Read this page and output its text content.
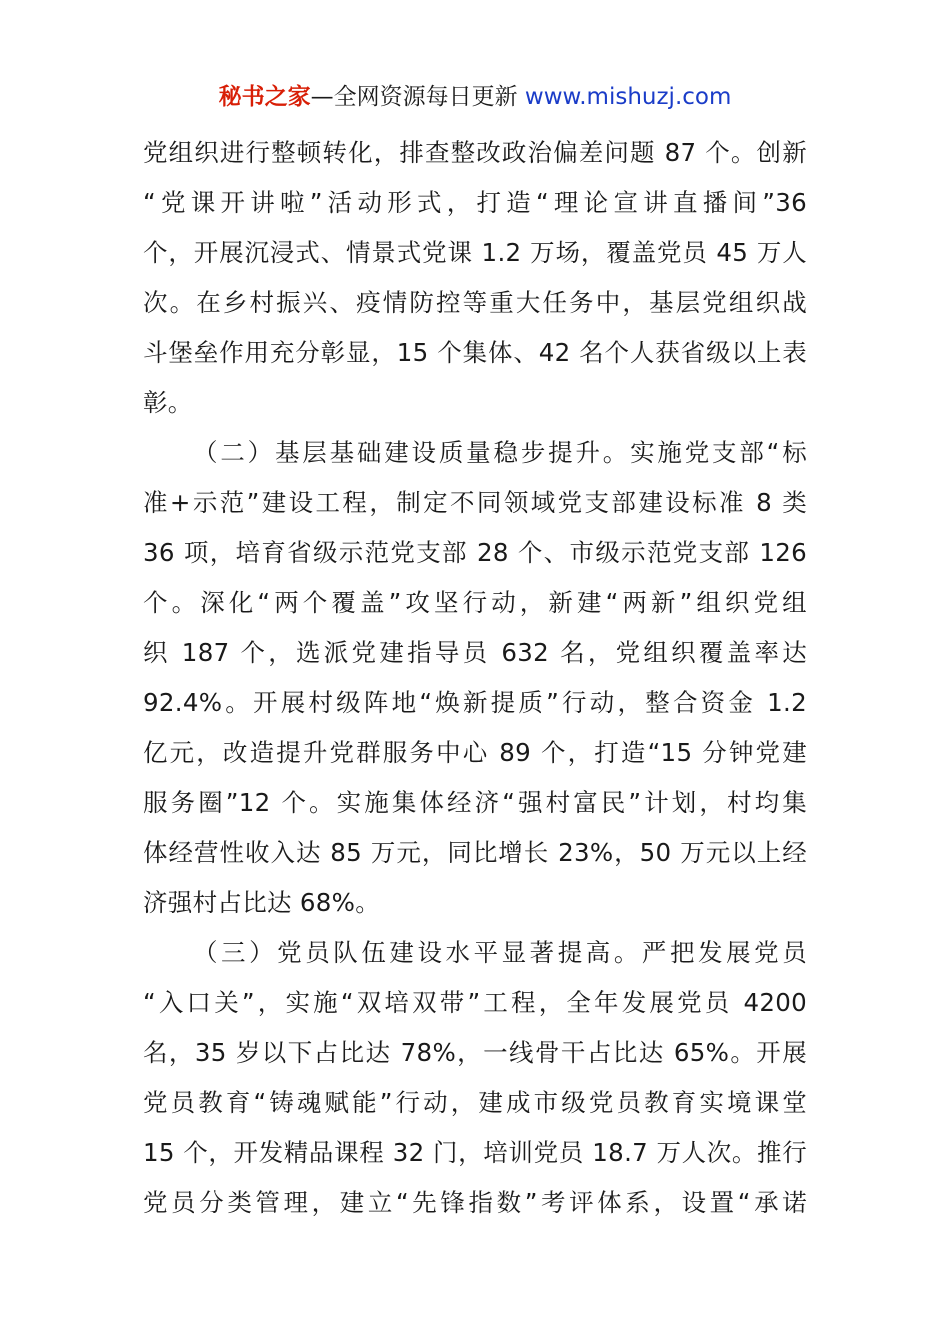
秘书之家—全网资源每日更新 www.mishuzj.com
党组织进行整顿转化，排查整改政治偏差问题 87 个。创新
“党课开讲啦”活动形式，打造“理论宣讲直播间”36
个，开展沉浸式、情景式党课 1.2 万场，覆盖党员 45 万人
次。在乡村振兴、疫情防控等重大任务中，基层党组织战
斗堡垒作用充分彰显，15 个集体、42 名个人获省级以上表
彰。
（二）基层基础建设质量稳步提升。实施党支部“标
准+示范”建设工程，制定不同领域党支部建设标准 8 类
36 项，培育省级示范党支部 28 个、市级示范党支部 126
个。深化“两个覆盖”攻坚行动，新建“两新”组织党组
织 187 个，选派党建指导员 632 名，党组织覆盖率达
92.4%。开展村级阵地“焕新提质”行动，整合资金 1.2
亿元，改造提升党群服务中心 89 个，打造“15 分钟党建
服务圈”12 个。实施集体经济“强村富民”计划，村均集
体经营性收入达 85 万元，同比增长 23%，50 万元以上经
济强村占比达 68%。
（三）党员队伍建设水平显著提高。严把发展党员
“入口关”，实施“双培双带”工程，全年发展党员 4200
名，35 岁以下占比达 78%，一线骨干占比达 65%。开展
党员教育“铸魂赋能”行动，建成市级党员教育实境课堂
15 个，开发精品课程 32 门，培训党员 18.7 万人次。推行
党员分类管理，建立“先锋指数”考评体系，设置“承诺
